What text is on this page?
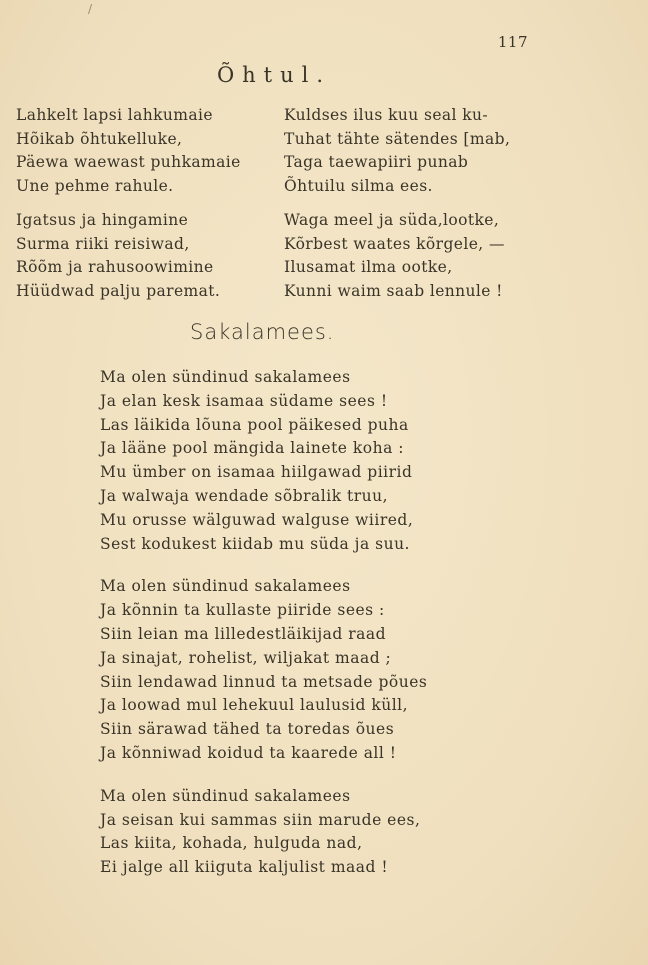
/
117
Õhtul.
Lahkelt lapsi lahkumaie
Hõikab õhtukelluke,
Päewa waewast puhkamaie
Une pehme rahule.
Igatsus ja hingamine
Surma riiki reisiwad,
Rõõm ja rahusoowimine
Hüüdwad palju paremat.
Kuldses ilus kuu seal ku-
Tuhat tähte sätendes [mab,
Taga taewapiiri punab
Õhtuilu silma ees.
Waga meel ja süda,lootke,
Kõrbest waates kõrgele, —
Ilusamat ilma ootke,
Kunni waim saab lennule !
Sakalamees.
Ma olen sündinud sakalamees
Ja elan kesk isamaa südame sees !
Las läikida lõuna pool päikesed puha
Ja lääne pool mängida lainete koha :
Mu ümber on isamaa hiilgawad piirid
Ja walwaja wendade sõbralik truu,
Mu orusse wälguwad walguse wiired,
Sest kodukest kiidab mu süda ja suu.
Ma olen sündinud sakalamees
Ja kõnnin ta kullaste piiride sees :
Siin leian ma lilledestläikijad raad
Ja sinajat, rohelist, wiljakat maad ;
Siin lendawad linnud ta metsade põues
Ja loowad mul lehekuul laulusid küll,
Siin särawad tähed ta toredas õues
Ja kõnniwad koidud ta kaarede all !
Ma olen sündinud sakalamees
Ja seisan kui sammas siin marude ees,
Las kiita, kohada, hulguda nad,
Ei jalge all kiiguta kaljulist maad !
